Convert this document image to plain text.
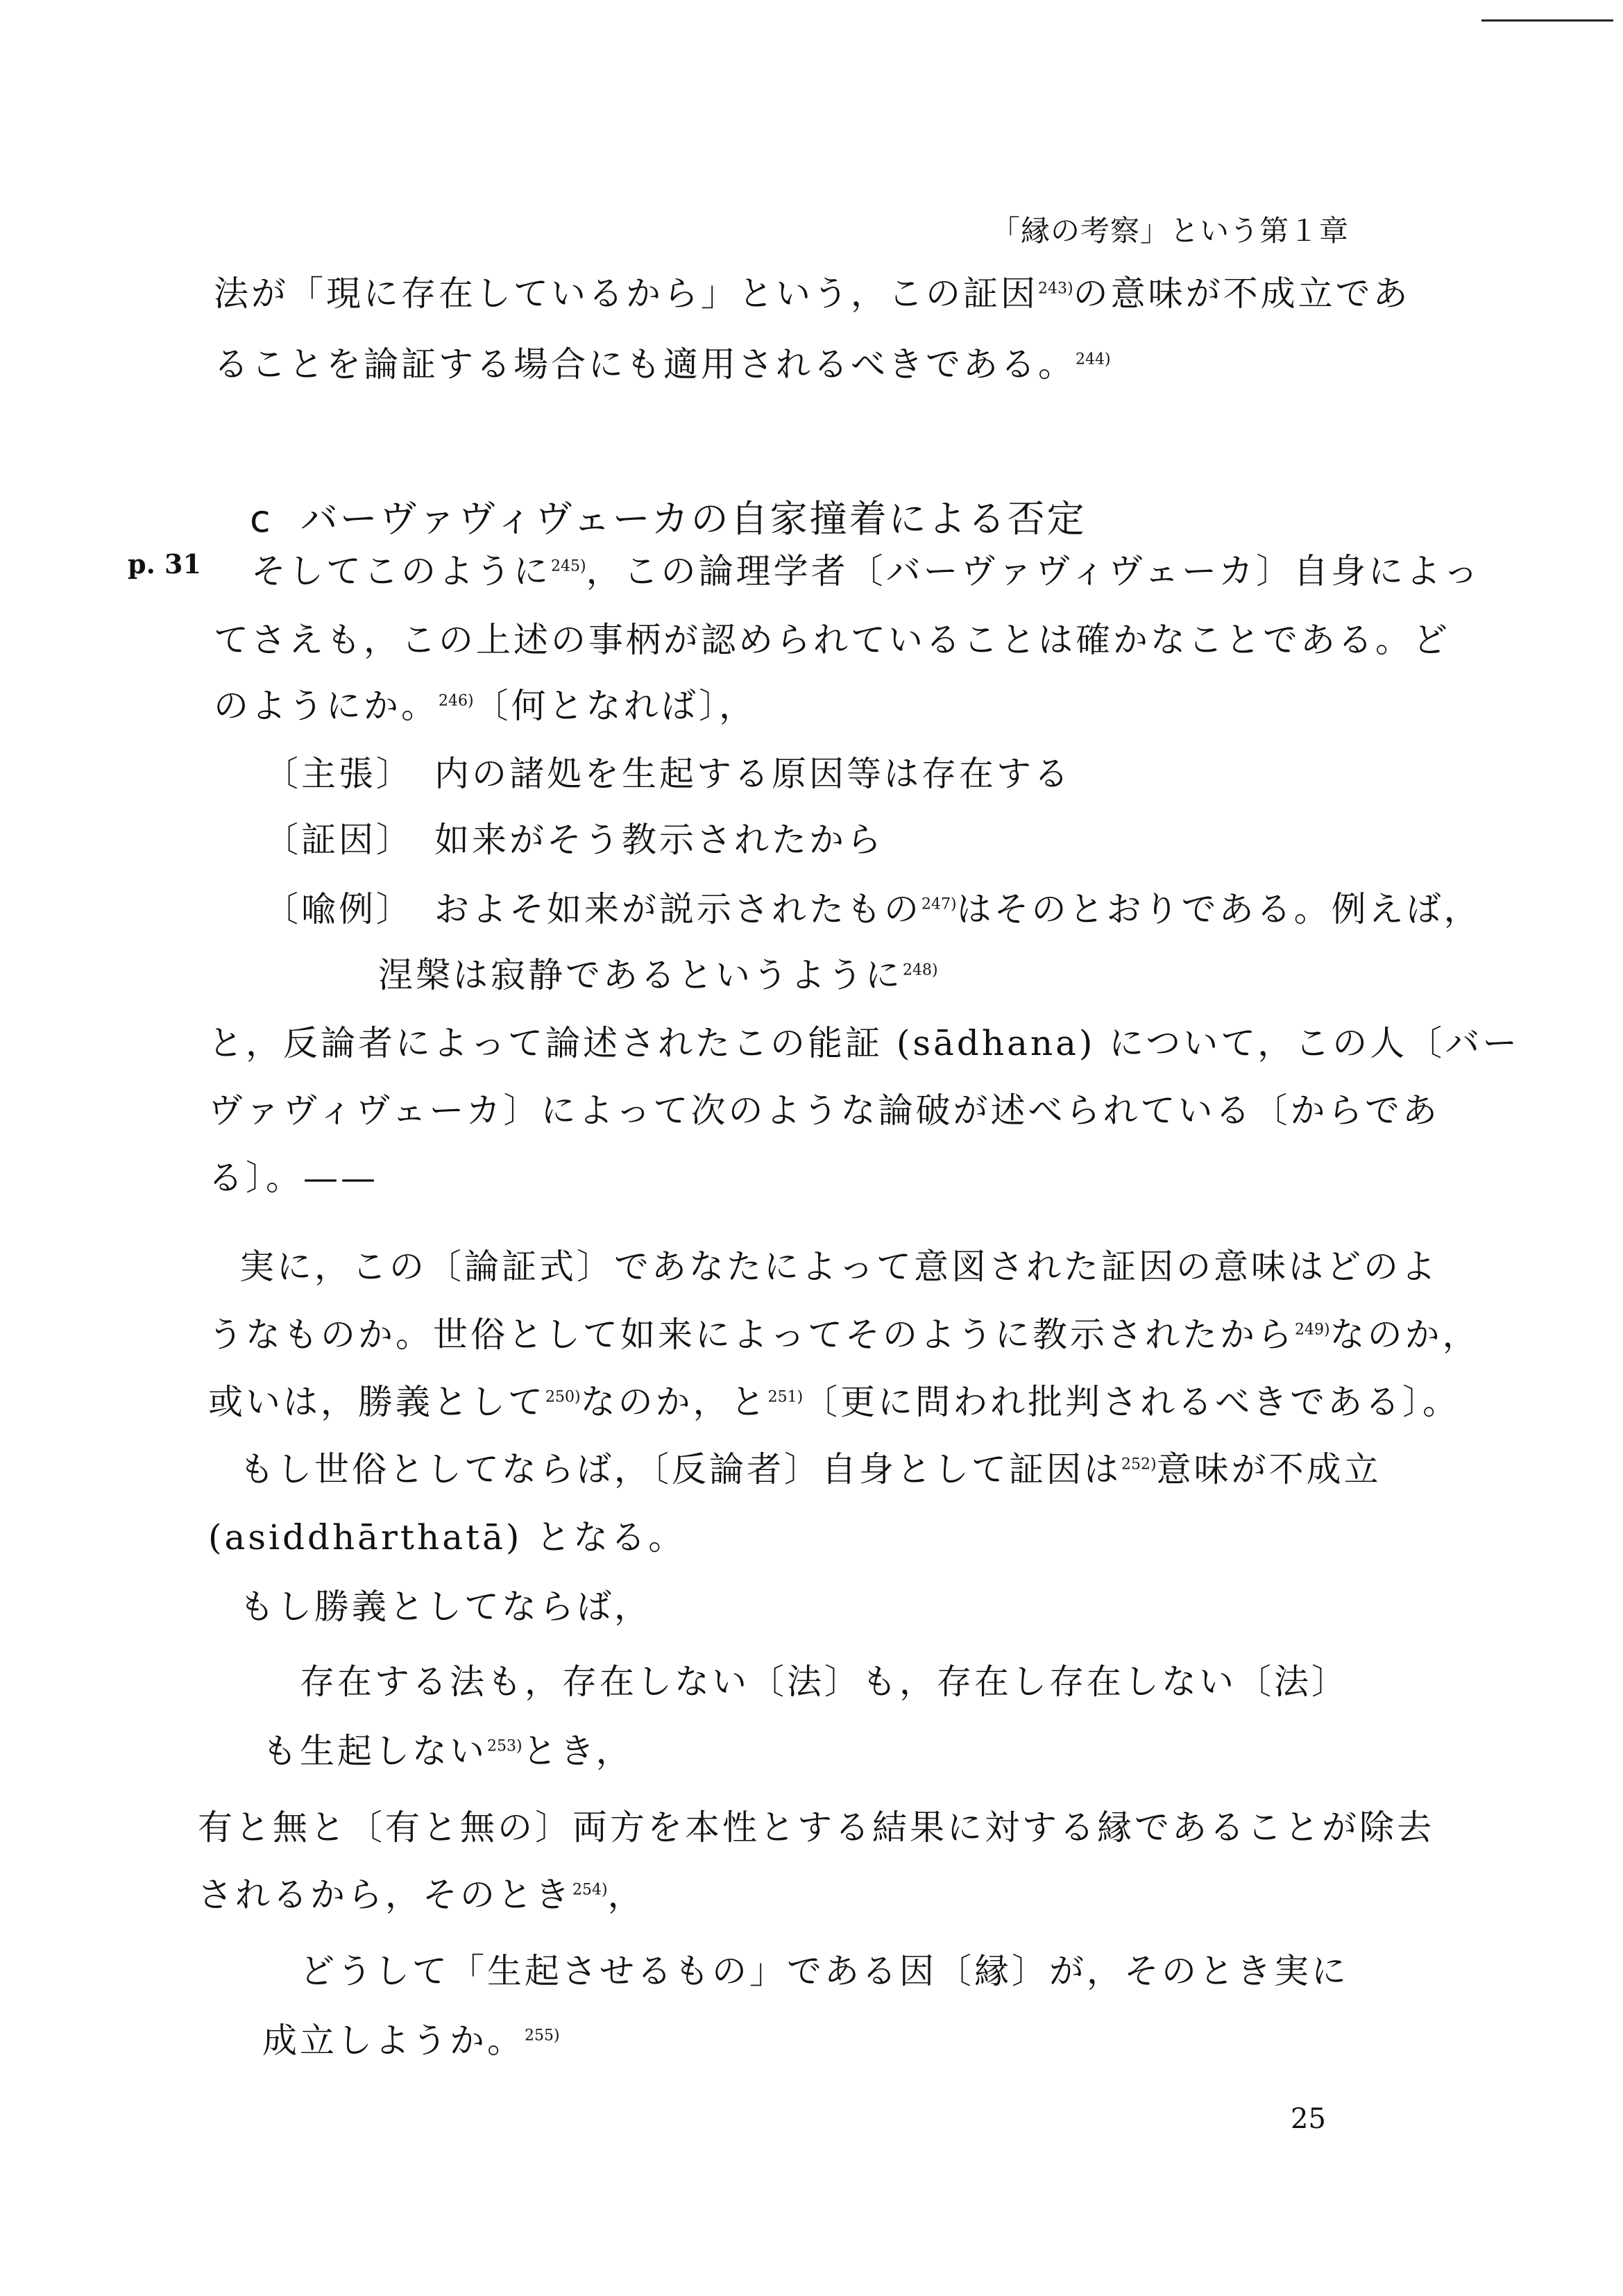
「縁の考察」という第１章
法が「現に存在しているから」という，この証因$^{243)}$の意味が不成立であ
ることを論証する場合にも適用されるべきである。$^{244)}$
c バーヴァヴィヴェーカの自家撞着による否定
p. 31 そしてこのように$^{245)}$，この論理学者〔バーヴァヴィヴェーカ〕自身によっ
てさえも，この上述の事柄が認められていることは確かなことである。ど
のようにか。$^{246)}$〔何となれば〕，
〔主張〕 内の諸処を生起する原因等は存在する
〔証因〕 如来がそう教示されたから
〔喩例〕 およそ如来が説示されたもの$^{247)}$はそのとおりである。例えば，
涅槃は寂静であるというように$^{248)}$
と，反論者によって論述されたこの能証 (sādhana) について，この人〔バー
ヴァヴィヴェーカ〕によって次のような論破が述べられている〔からであ
る〕。——
実に，この〔論証式〕であなたによって意図された証因の意味はどのよ
うなものか。世俗として如来によってそのように教示されたから$^{249)}$なのか，
或いは，勝義として$^{250)}$なのか，と$^{251)}$〔更に問われ批判されるべきである〕。
もし世俗としてならば，〔反論者〕自身として証因は$^{252)}$意味が不成立
(asiddhārthatā) となる。
もし勝義としてならば，
存在する法も，存在しない〔法〕も，存在し存在しない〔法〕
も生起しない$^{253)}$とき，
有と無と〔有と無の〕両方を本性とする結果に対する縁であることが除去
されるから，そのとき$^{254)}$，
どうして「生起させるもの」である因〔縁〕が，そのとき実に
成立しようか。$^{255)}$
25
